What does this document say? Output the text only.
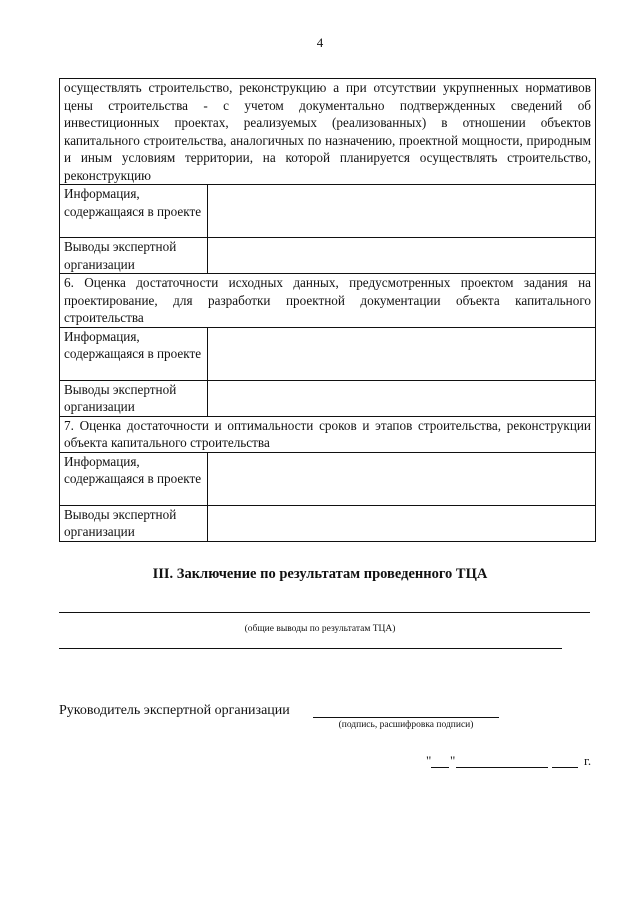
4
осуществлять строительство, реконструкцию а при отсутствии укрупненных нормативов цены строительства - с учетом документально подтвержденных сведений об инвестиционных проектах, реализуемых (реализованных) в отношении объектов капитального строительства, аналогичных по назначению, проектной мощности, природным и иным условиям территории, на которой планируется осуществлять строительство, реконструкцию	
Информация, содержащаяся в проекте	
Выводы экспертной организации	
6. Оценка достаточности исходных данных, предусмотренных проектом задания на проектирование, для разработки проектной документации объекта капитального строительства	
Информация, содержащаяся в проекте	
Выводы экспертной организации	
7. Оценка достаточности и оптимальности сроков и этапов строительства, реконструкции объекта капитального строительства	
Информация, содержащаяся в проекте	
Выводы экспертной организации	
III. Заключение по результатам проведенного ТЦА
(общие выводы по результатам ТЦА)
Руководитель экспертной организации
(подпись, расшифровка подписи)
" "	г.
